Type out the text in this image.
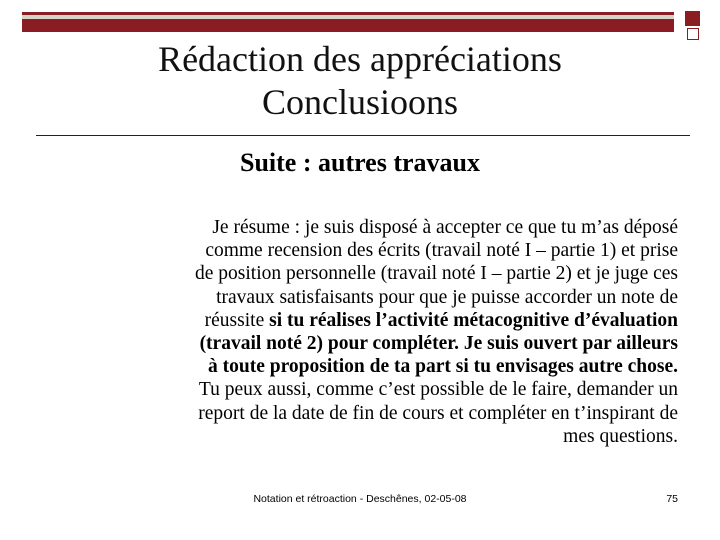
Rédaction des appréciations
Conclusioons
Suite : autres travaux
Je résume : je suis disposé à accepter ce que tu m’as déposé
comme recension des écrits (travail noté I – partie 1) et prise
de position personnelle (travail noté I – partie 2) et je juge ces
travaux satisfaisants pour que je puisse accorder un note de
réussite si tu réalises l’activité métacognitive d’évaluation
(travail noté 2) pour compléter. Je suis ouvert par ailleurs
à toute proposition de ta part si tu envisages autre chose.
Tu peux aussi, comme c’est possible de le faire, demander un
report de la date de fin de cours et compléter en t’inspirant de
mes questions.
Notation et rétroaction - Deschênes, 02-05-08	75
